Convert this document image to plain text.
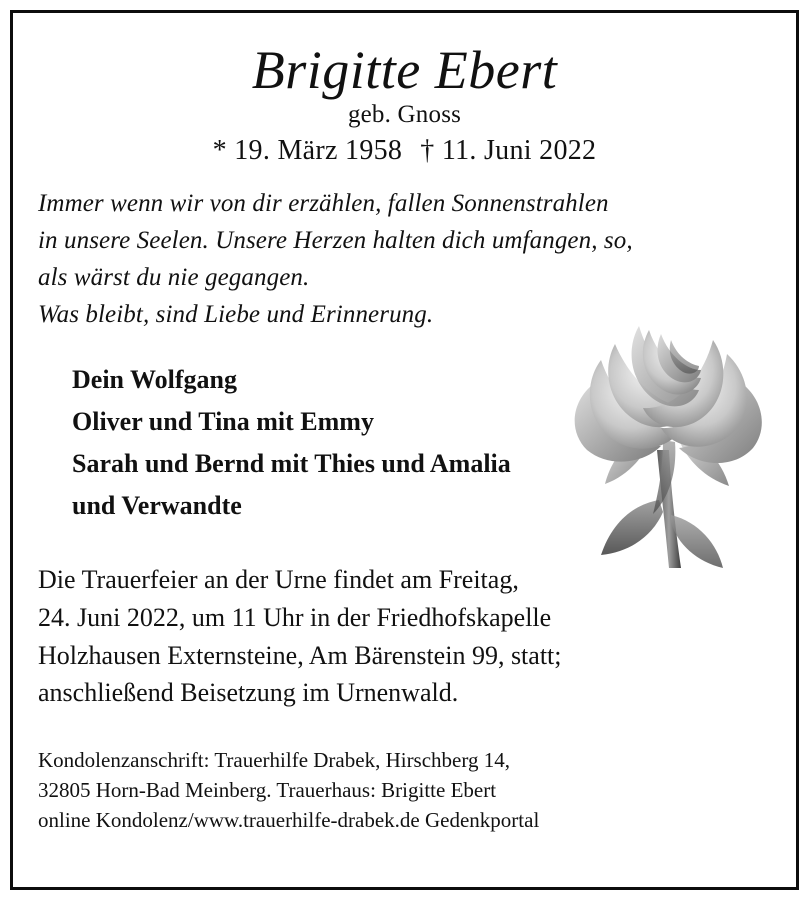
Brigitte Ebert
geb. Gnoss
* 19. März 1958 † 11. Juni 2022
Immer wenn wir von dir erzählen, fallen Sonnenstrahlen
in unsere Seelen. Unsere Herzen halten dich umfangen, so,
als wärst du nie gegangen.
Was bleibt, sind Liebe und Erinnerung.
Dein Wolfgang
Oliver und Tina mit Emmy
Sarah und Bernd mit Thies und Amalia
und Verwandte
Die Trauerfeier an der Urne findet am Freitag,
24. Juni 2022, um 11 Uhr in der Friedhofskapelle
Holzhausen Externsteine, Am Bärenstein 99, statt;
anschließend Beisetzung im Urnenwald.
Kondolenzanschrift: Trauerhilfe Drabek, Hirschberg 14,
32805 Horn-Bad Meinberg. Trauerhaus: Brigitte Ebert
online Kondolenz/www.trauerhilfe-drabek.de Gedenkportal
